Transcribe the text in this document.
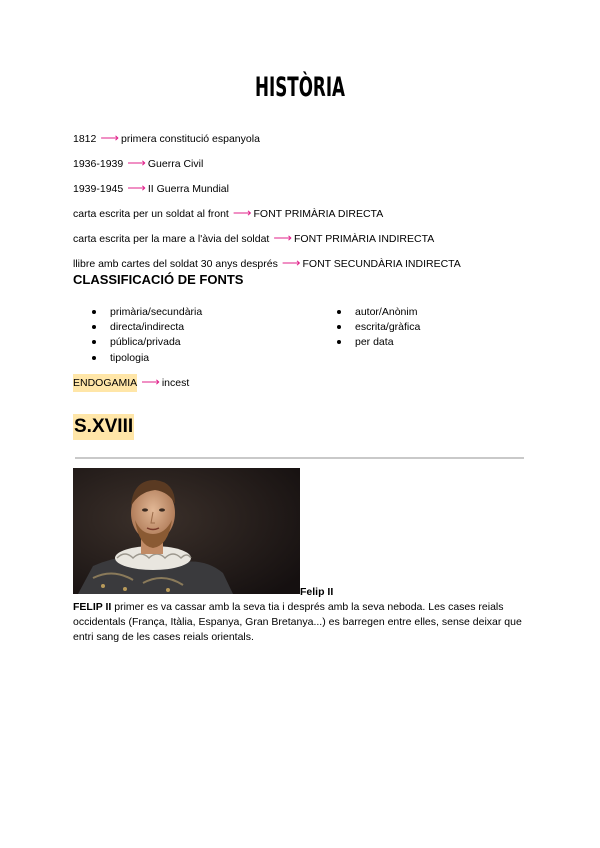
HISTÒRIA
1812 ⟶ primera constitució espanyola
1936-1939 ⟶ Guerra Civil
1939-1945 ⟶ II Guerra Mundial
carta escrita per un soldat al front ⟶ FONT PRIMÀRIA DIRECTA
carta escrita per la mare a l'àvia del soldat ⟶ FONT PRIMÀRIA INDIRECTA
llibre amb cartes del soldat 30 anys després ⟶ FONT SECUNDÀRIA INDIRECTA
CLASSIFICACIÓ DE FONTS
primària/secundària
directa/indirecta
pública/privada
tipologia
autor/Anònim
escrita/gràfica
per data
ENDOGAMIA ⟶ incest
S.XVIII
Felip II
FELIP II primer es va cassar amb la seva tia i després amb la seva neboda. Les cases reials occidentals (França, Itàlia, Espanya, Gran Bretanya...) es barregen entre elles, sense deixar que entri sang de les cases reials orientals.
